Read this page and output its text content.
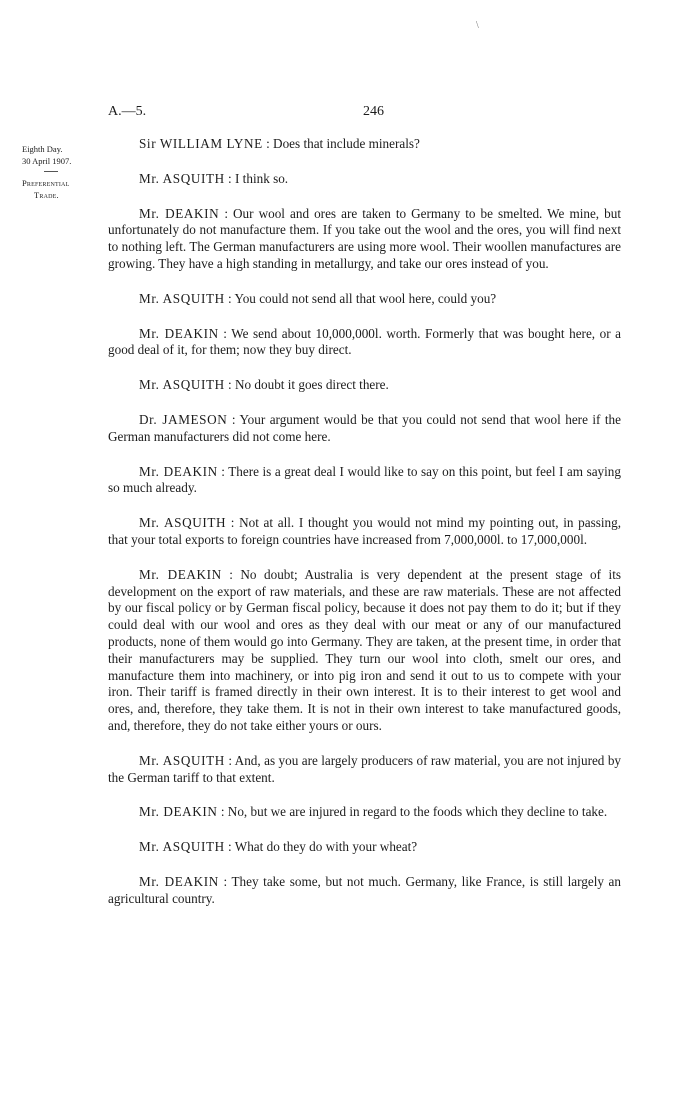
\
A.—5.	246
Eighth Day.
30 April 1907.
Preferential
Trade.

Sir WILLIAM LYNE : Does that include minerals?

Mr. ASQUITH : I think so.

Mr. DEAKIN : Our wool and ores are taken to Germany to be smelted. We mine, but unfortunately do not manufacture them. If you take out the wool and the ores, you will find next to nothing left. The German manufacturers are using more wool. Their woollen manufactures are growing. They have a high standing in metallurgy, and take our ores instead of you.

Mr. ASQUITH : You could not send all that wool here, could you?

Mr. DEAKIN : We send about 10,000,000l. worth. Formerly that was bought here, or a good deal of it, for them; now they buy direct.

Mr. ASQUITH : No doubt it goes direct there.

Dr. JAMESON : Your argument would be that you could not send that wool here if the German manufacturers did not come here.

Mr. DEAKIN : There is a great deal I would like to say on this point, but feel I am saying so much already.

Mr. ASQUITH : Not at all. I thought you would not mind my pointing out, in passing, that your total exports to foreign countries have increased from 7,000,000l. to 17,000,000l.

Mr. DEAKIN : No doubt; Australia is very dependent at the present stage of its development on the export of raw materials, and these are raw materials. These are not affected by our fiscal policy or by German fiscal policy, because it does not pay them to do it; but if they could deal with our wool and ores as they deal with our meat or any of our manufactured products, none of them would go into Germany. They are taken, at the present time, in order that their manufacturers may be supplied. They turn our wool into cloth, smelt our ores, and manufacture them into machinery, or into pig iron and send it out to us to compete with your iron. Their tariff is framed directly in their own interest. It is to their interest to get wool and ores, and, therefore, they take them. It is not in their own interest to take manufactured goods, and, therefore, they do not take either yours or ours.

Mr. ASQUITH : And, as you are largely producers of raw material, you are not injured by the German tariff to that extent.

Mr. DEAKIN : No, but we are injured in regard to the foods which they decline to take.

Mr. ASQUITH : What do they do with your wheat?

Mr. DEAKIN : They take some, but not much. Germany, like France, is still largely an agricultural country.
